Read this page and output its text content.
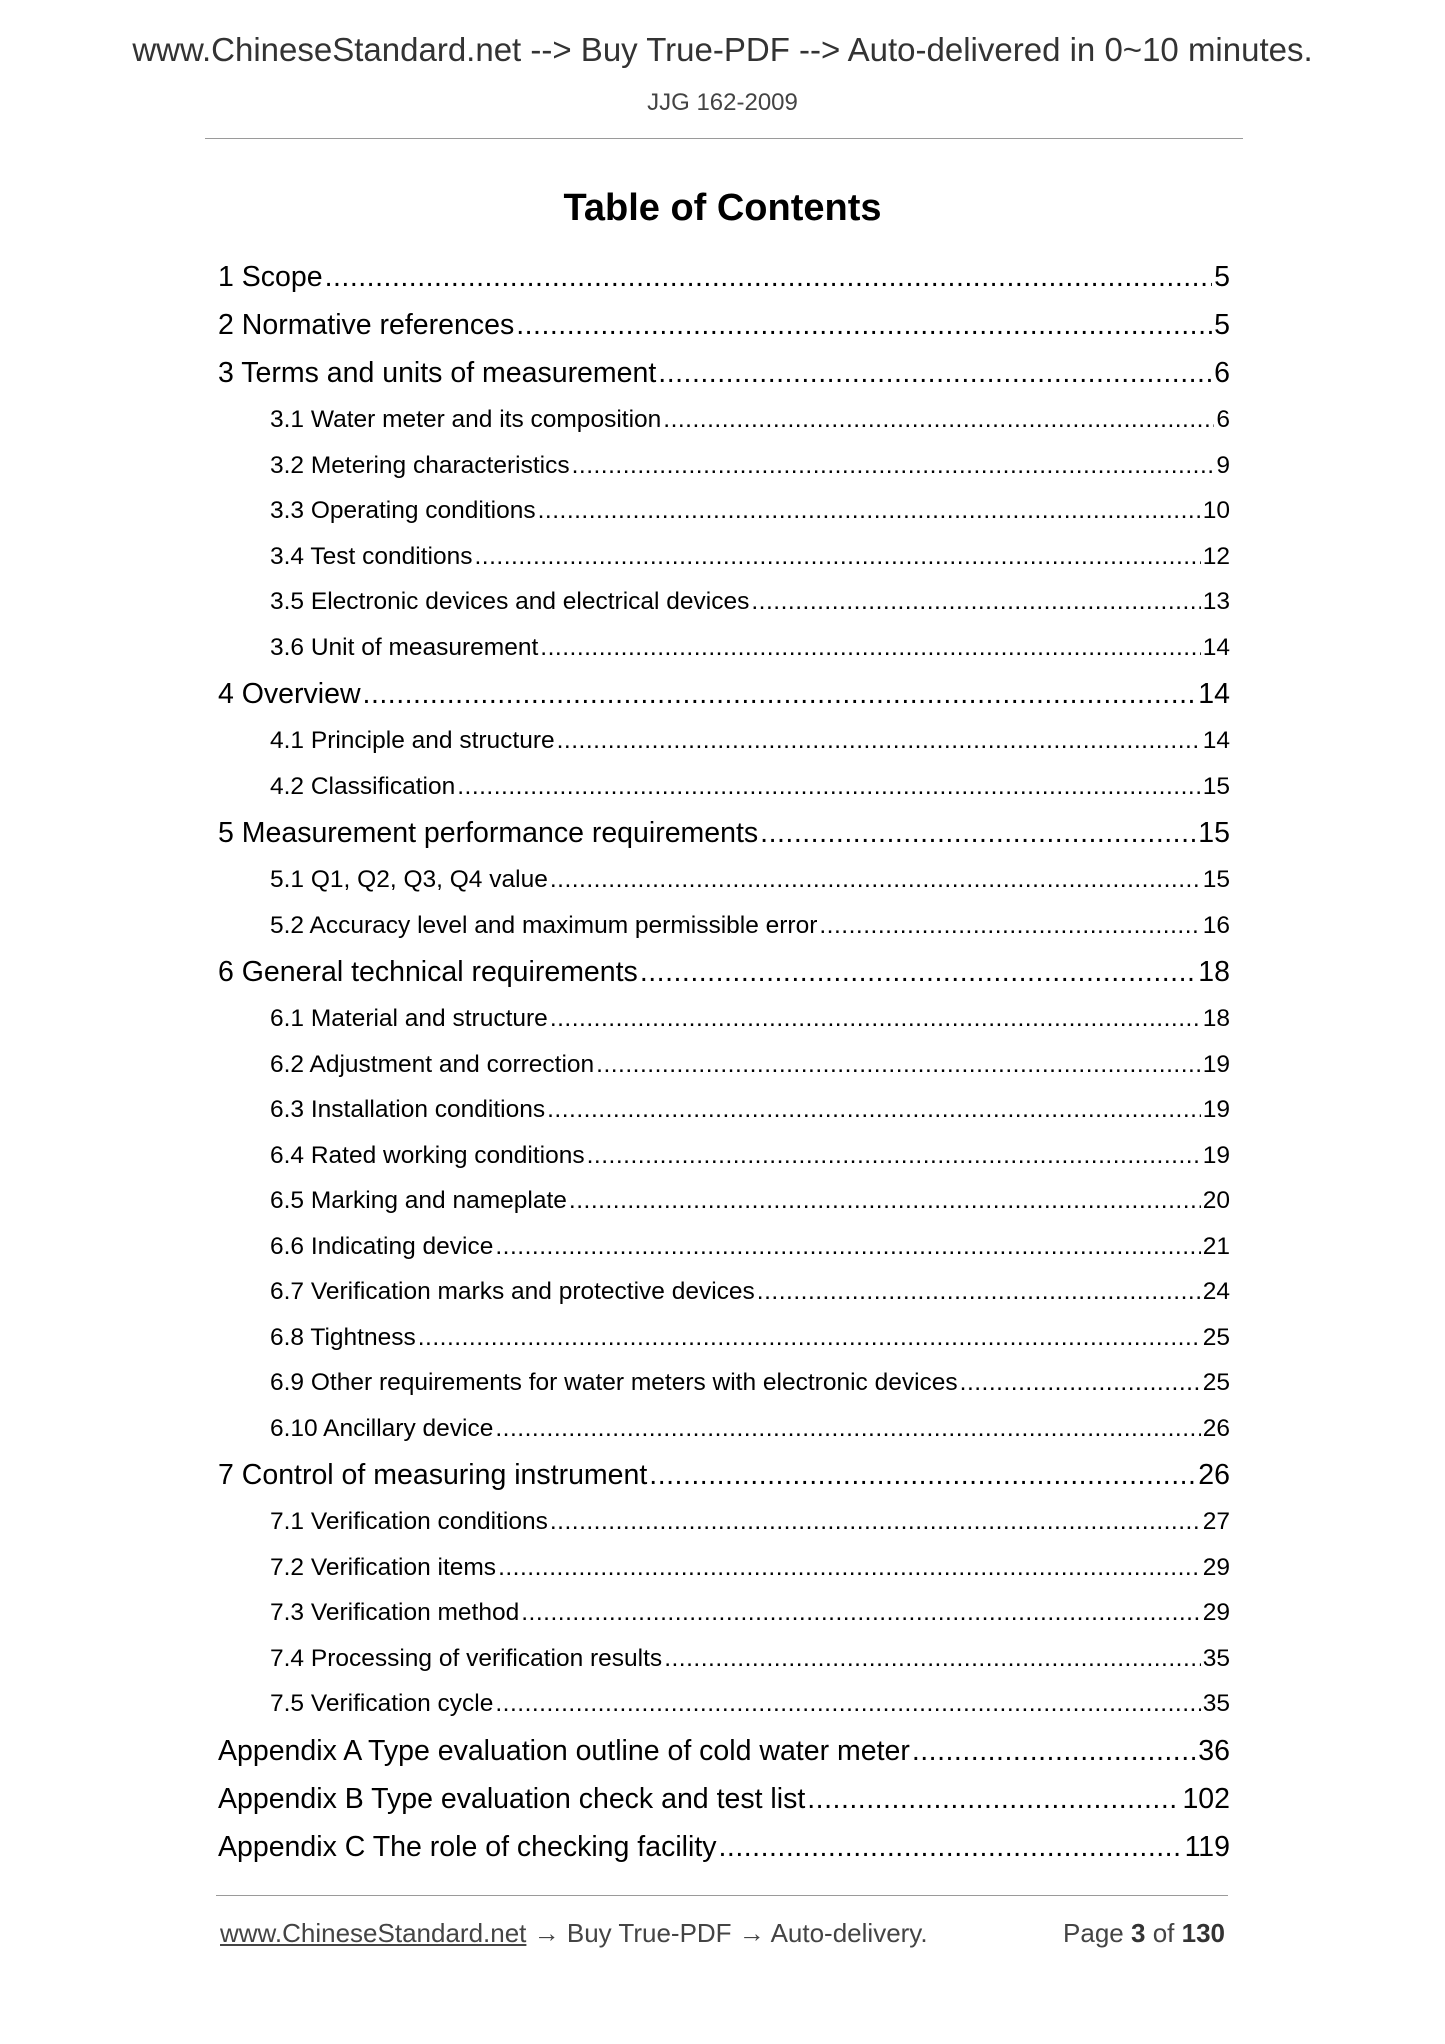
www.ChineseStandard.net --> Buy True-PDF --> Auto-delivered in 0~10 minutes.
JJG 162-2009
Table of Contents
1 Scope .....	5
2 Normative references .....	5
3 Terms and units of measurement .....	6
3.1 Water meter and its composition .....	6
3.2 Metering characteristics .....	9
3.3 Operating conditions .....	10
3.4 Test conditions .....	12
3.5 Electronic devices and electrical devices .....	13
3.6 Unit of measurement .....	14
4 Overview .....	14
4.1 Principle and structure .....	14
4.2 Classification .....	15
5 Measurement performance requirements .....	15
5.1 Q1, Q2, Q3, Q4 value .....	15
5.2 Accuracy level and maximum permissible error .....	16
6 General technical requirements .....	18
6.1 Material and structure .....	18
6.2 Adjustment and correction .....	19
6.3 Installation conditions .....	19
6.4 Rated working conditions .....	19
6.5 Marking and nameplate .....	20
6.6 Indicating device .....	21
6.7 Verification marks and protective devices .....	24
6.8 Tightness .....	25
6.9 Other requirements for water meters with electronic devices .....	25
6.10 Ancillary device .....	26
7 Control of measuring instrument .....	26
7.1 Verification conditions .....	27
7.2 Verification items .....	29
7.3 Verification method .....	29
7.4 Processing of verification results .....	35
7.5 Verification cycle .....	35
Appendix A Type evaluation outline of cold water meter .....	36
Appendix B Type evaluation check and test list .....	102
Appendix C The role of checking facility .....	119
www.ChineseStandard.net → Buy True-PDF → Auto-delivery.	Page 3 of 130
